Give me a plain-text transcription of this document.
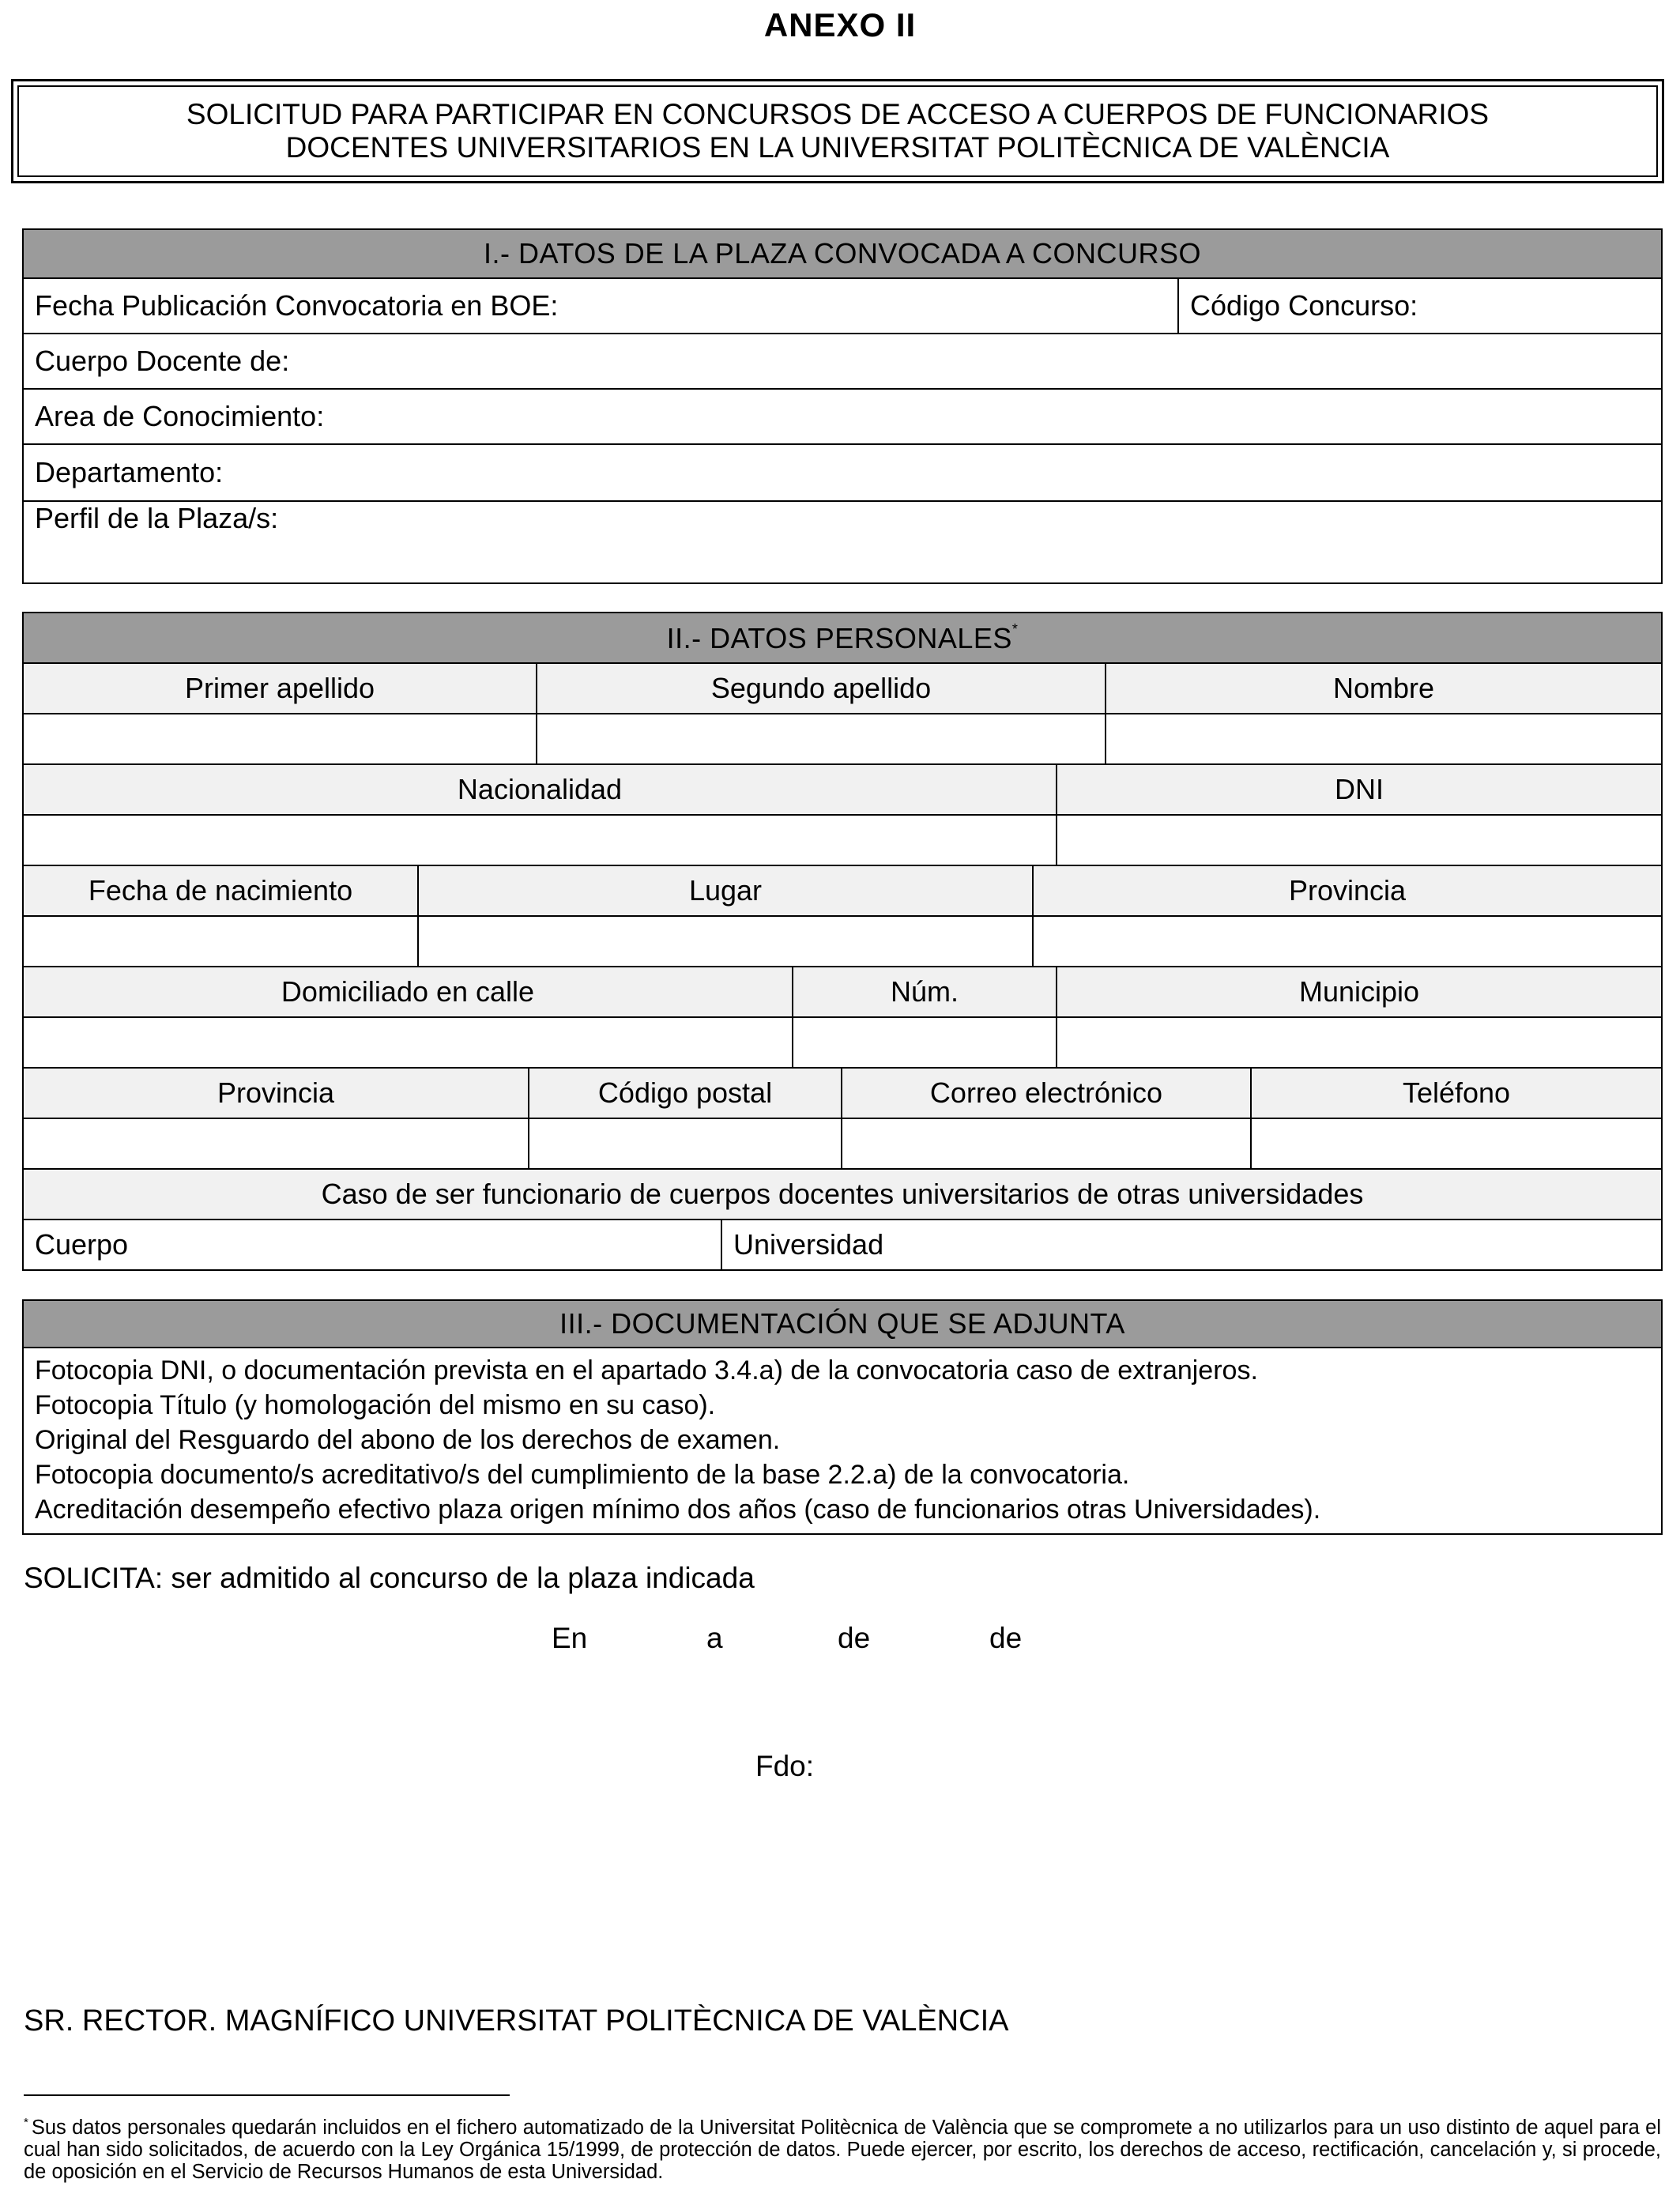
ANEXO II
SOLICITUD PARA PARTICIPAR EN CONCURSOS DE ACCESO A CUERPOS DE FUNCIONARIOS
DOCENTES UNIVERSITARIOS EN LA UNIVERSITAT POLITÈCNICA DE VALÈNCIA
I.- DATOS DE LA PLAZA CONVOCADA A CONCURSO
Fecha Publicación Convocatoria en BOE:	Código Concurso:
Cuerpo Docente de:
Area de Conocimiento:
Departamento:
Perfil de la Plaza/s:
II.- DATOS PERSONALES*
Primer apellido	Segundo apellido	Nombre

Nacionalidad	DNI

Fecha de nacimiento	Lugar	Provincia

Domiciliado en calle	Núm.	Municipio

Provincia	Código postal	Correo electrónico	Teléfono

Caso de ser funcionario de cuerpos docentes universitarios de otras universidades
Cuerpo	Universidad
III.- DOCUMENTACIÓN QUE SE ADJUNTA

Fotocopia DNI, o documentación prevista en el apartado 3.4.a) de la convocatoria caso de extranjeros.
Fotocopia Título (y homologación del mismo en su caso).
Original del Resguardo del abono de los derechos de examen.
Fotocopia documento/s acreditativo/s del cumplimiento de la base 2.2.a) de la convocatoria.
Acreditación desempeño efectivo plaza origen mínimo dos años (caso de funcionarios otras Universidades).
SOLICITA: ser admitido al concurso de la plaza indicada
En	a	de	de
Fdo:
SR. RECTOR. MAGNÍFICO UNIVERSITAT POLITÈCNICA DE VALÈNCIA
* Sus datos personales quedarán incluidos en el fichero automatizado de la Universitat Politècnica de València que se compromete a no utilizarlos para un uso distinto de aquel para el cual han sido solicitados, de acuerdo con la Ley Orgánica 15/1999, de protección de datos. Puede ejercer, por escrito, los derechos de acceso, rectificación, cancelación y, si procede, de oposición en el Servicio de Recursos Humanos de esta Universidad.
